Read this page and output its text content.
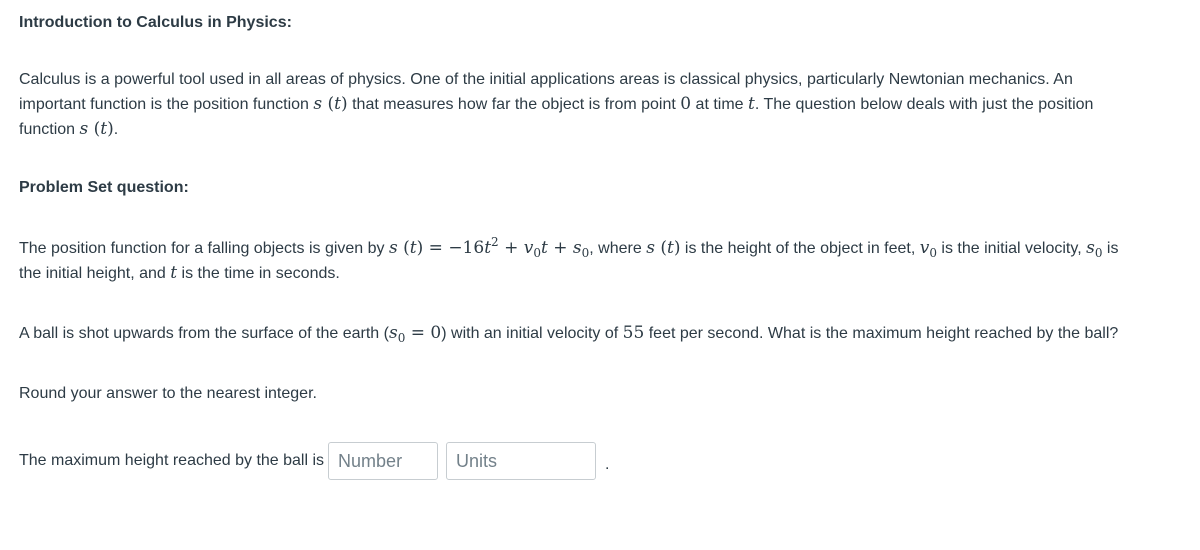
Introduction to Calculus in Physics:
Calculus is a powerful tool used in all areas of physics. One of the initial applications areas is classical physics, particularly Newtonian mechanics. An
important function is the position function s (t) that measures how far the object is from point 0 at time t. The question below deals with just the position
function s (t).
Problem Set question:
The position function for a falling objects is given by s $(t) = -16t^2 + v_0t + s_0$, where s (t) is the height of the object in feet, $v_0$ is the initial velocity, $s_0$ is
the initial height, and t is the time in seconds.
A ball is shot upwards from the surface of the earth $(s_0 = 0)$ with an initial velocity of 55 feet per second. What is the maximum height reached by the ball?
Round your answer to the nearest integer.
The maximum height reached by the ball is Number	Units	.
